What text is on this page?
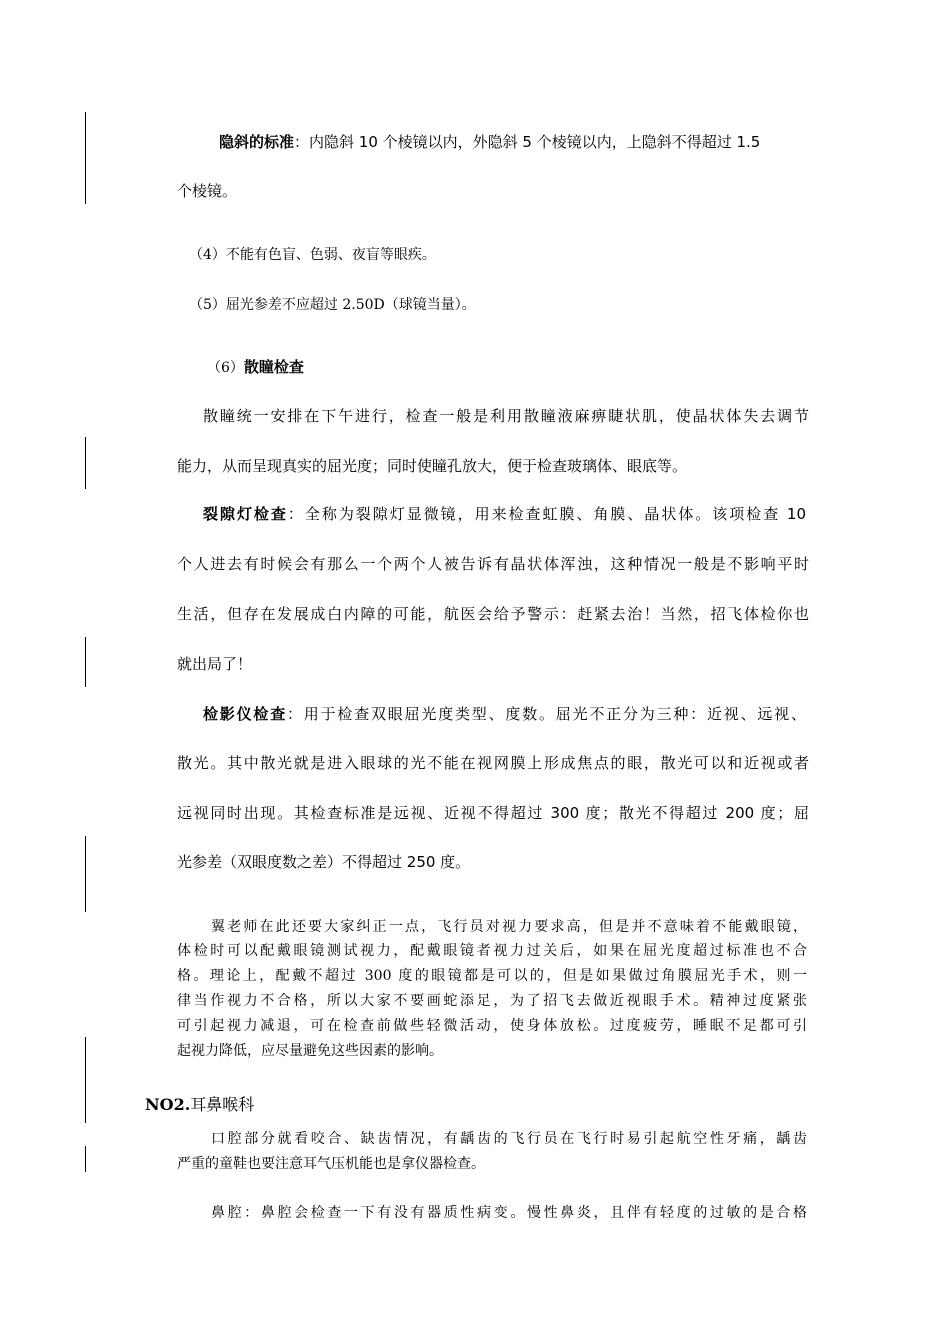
隐斜的标准：内隐斜 10 个棱镜以内，外隐斜 5 个棱镜以内，上隐斜不得超过 1.5
个棱镜。
（4）不能有色盲、色弱、夜盲等眼疾。
（5）屈光参差不应超过 2.50D（球镜当量）。
（6）散瞳检查
散瞳统一安排在下午进行，检查一般是利用散瞳液麻痹睫状肌，使晶状体失去调节
能力，从而呈现真实的屈光度；同时使瞳孔放大，便于检查玻璃体、眼底等。
裂隙灯检查：全称为裂隙灯显微镜，用来检查虹膜、角膜、晶状体。该项检查 10
个人进去有时候会有那么一个两个人被告诉有晶状体浑浊，这种情况一般是不影响平时
生活，但存在发展成白内障的可能，航医会给予警示：赶紧去治！当然，招飞体检你也
就出局了！
检影仪检查：用于检查双眼屈光度类型、度数。屈光不正分为三种：近视、远视、
散光。其中散光就是进入眼球的光不能在视网膜上形成焦点的眼，散光可以和近视或者
远视同时出现。其检查标准是远视、近视不得超过 300 度；散光不得超过 200 度；屈
光参差（双眼度数之差）不得超过 250 度。
翼老师在此还要大家纠正一点，飞行员对视力要求高，但是并不意味着不能戴眼镜，
体检时可以配戴眼镜测试视力，配戴眼镜者视力过关后，如果在屈光度超过标准也不合
格。理论上，配戴不超过 300 度的眼镜都是可以的，但是如果做过角膜屈光手术，则一
律当作视力不合格，所以大家不要画蛇添足，为了招飞去做近视眼手术。精神过度紧张
可引起视力减退，可在检查前做些轻微活动，使身体放松。过度疲劳，睡眠不足都可引
起视力降低，应尽量避免这些因素的影响。
NO2.耳鼻喉科
口腔部分就看咬合、缺齿情况，有龋齿的飞行员在飞行时易引起航空性牙痛，龋齿
严重的童鞋也要注意耳气压机能也是拿仪器检查。
鼻腔：鼻腔会检查一下有没有器质性病变。慢性鼻炎，且伴有轻度的过敏的是合格
